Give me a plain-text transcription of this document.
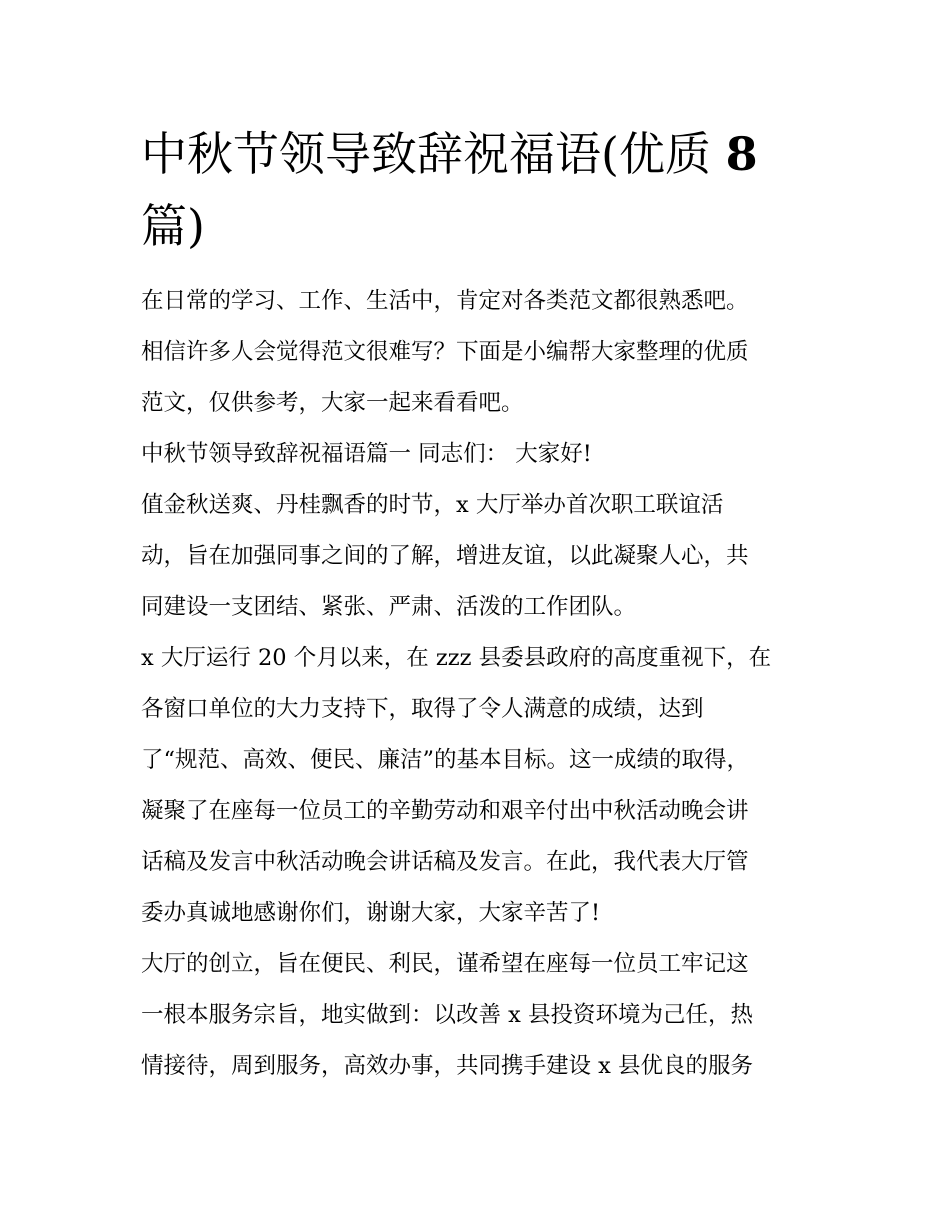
中秋节领导致辞祝福语(优质 8
篇)
在日常的学习、工作、生活中，肯定对各类范文都很熟悉吧。
相信许多人会觉得范文很难写？下面是小编帮大家整理的优质
范文，仅供参考，大家一起来看看吧。
中秋节领导致辞祝福语篇一 同志们： 大家好!
值金秋送爽、丹桂飘香的时节，x 大厅举办首次职工联谊活
动，旨在加强同事之间的了解，增进友谊，以此凝聚人心，共
同建设一支团结、紧张、严肃、活泼的工作团队。
x 大厅运行 20 个月以来，在 zzz 县委县政府的高度重视下，在
各窗口单位的大力支持下，取得了令人满意的成绩，达到
了“规范、高效、便民、廉洁”的基本目标。这一成绩的取得，
凝聚了在座每一位员工的辛勤劳动和艰辛付出中秋活动晚会讲
话稿及发言中秋活动晚会讲话稿及发言。在此，我代表大厅管
委办真诚地感谢你们，谢谢大家，大家辛苦了!
大厅的创立，旨在便民、利民，谨希望在座每一位员工牢记这
一根本服务宗旨，地实做到：以改善 x 县投资环境为己任，热
情接待，周到服务，高效办事，共同携手建设 x 县优良的服务
